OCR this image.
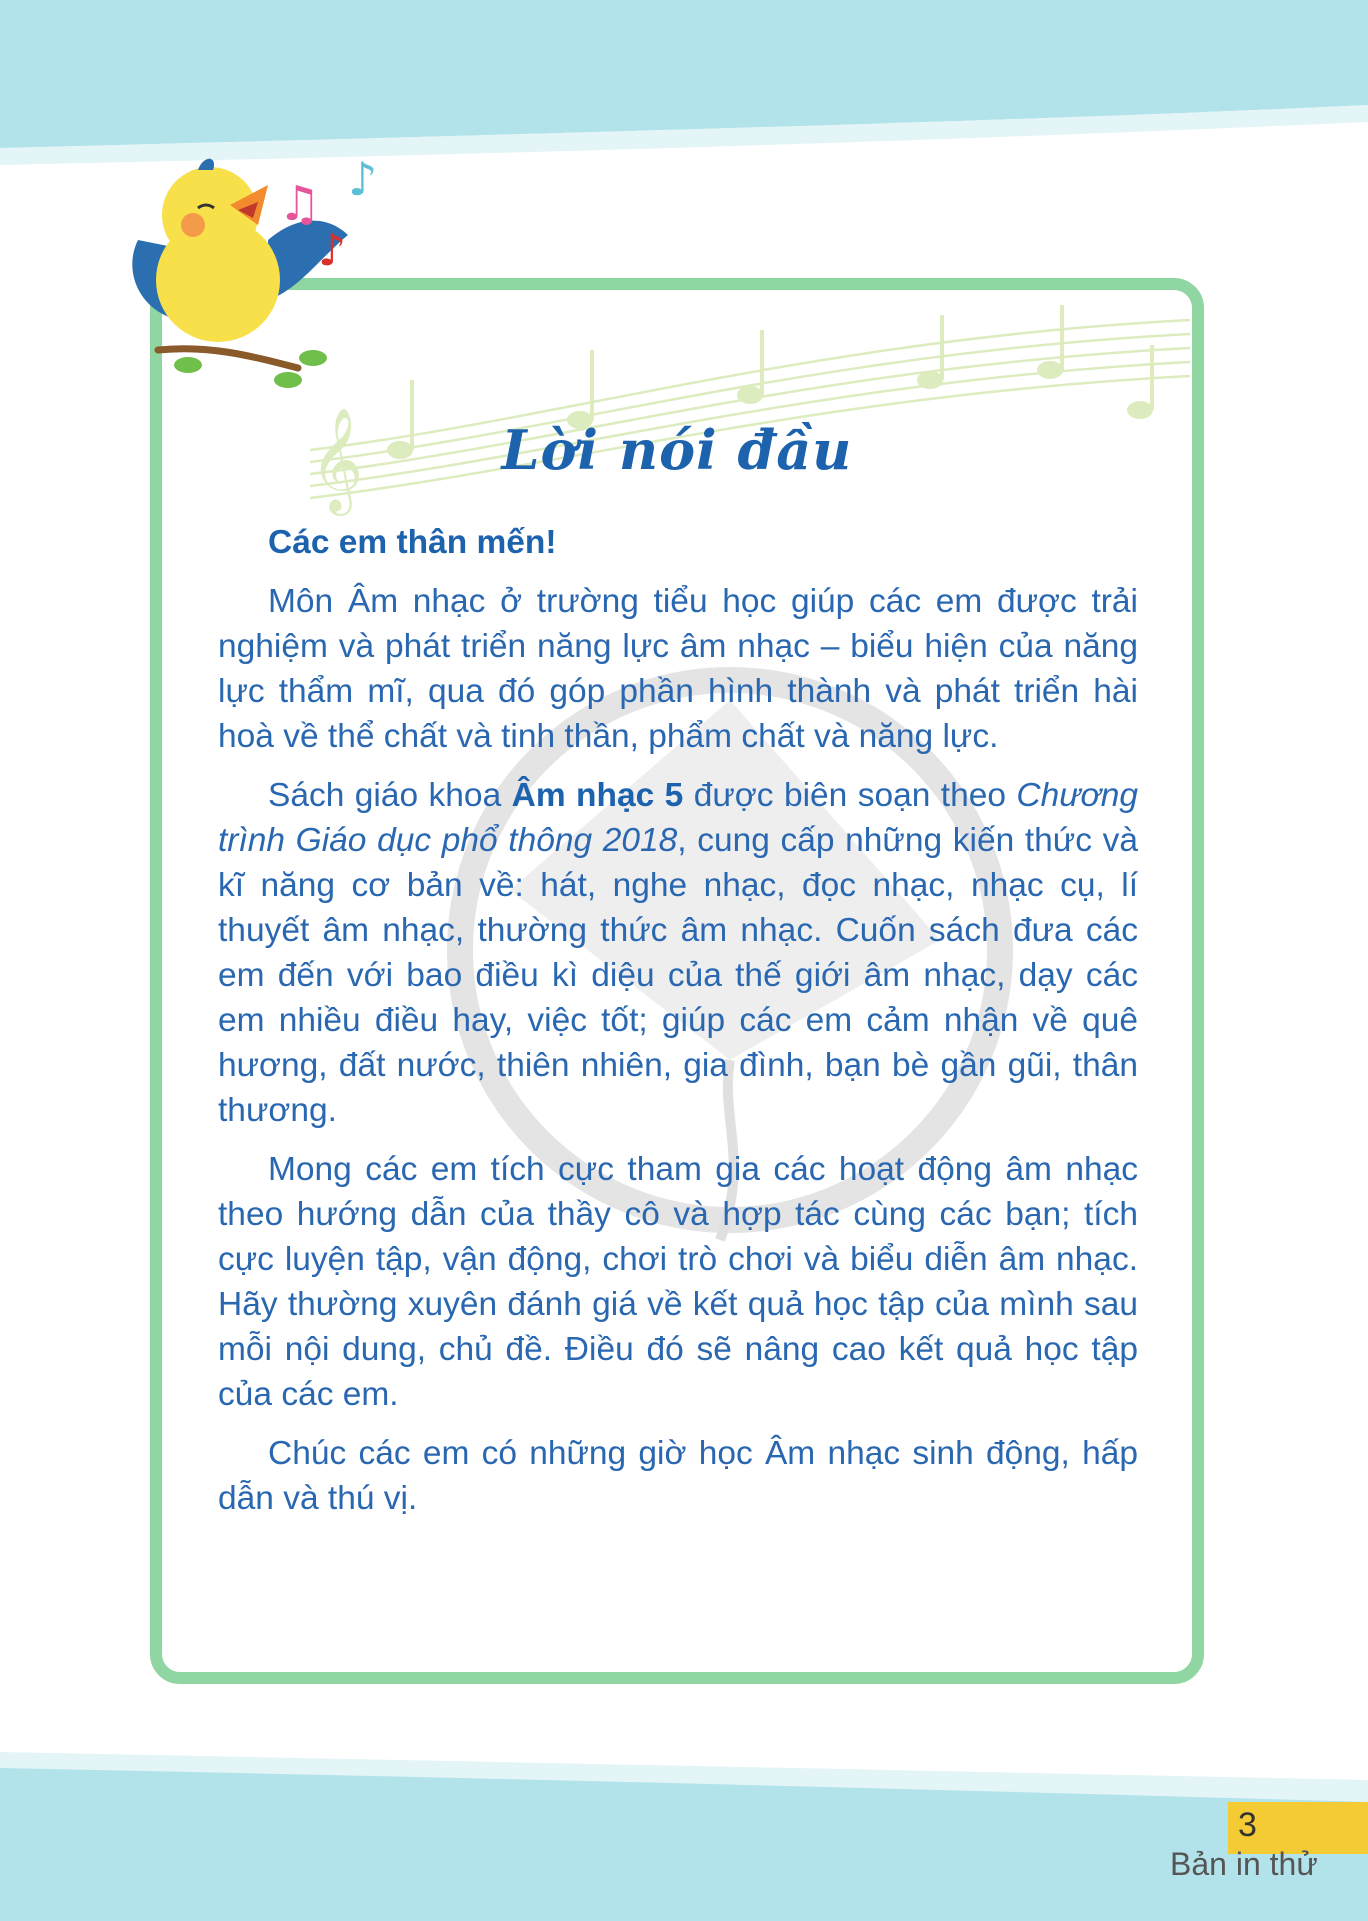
𝄞
♫ ♪
♪
Lời nói đầu

Các em thân mến!

Môn Âm nhạc ở trường tiểu học giúp các em được trải nghiệm và phát triển năng lực âm nhạc – biểu hiện của năng lực thẩm mĩ, qua đó góp phần hình thành và phát triển hài hoà về thể chất và tinh thần, phẩm chất và năng lực.

Sách giáo khoa Âm nhạc 5 được biên soạn theo Chương trình Giáo dục phổ thông 2018, cung cấp những kiến thức và kĩ năng cơ bản về: hát, nghe nhạc, đọc nhạc, nhạc cụ, lí thuyết âm nhạc, thường thức âm nhạc. Cuốn sách đưa các em đến với bao điều kì diệu của thế giới âm nhạc, dạy các em nhiều điều hay, việc tốt; giúp các em cảm nhận về quê hương, đất nước, thiên nhiên, gia đình, bạn bè gần gũi, thân thương.

Mong các em tích cực tham gia các hoạt động âm nhạc theo hướng dẫn của thầy cô và hợp tác cùng các bạn; tích cực luyện tập, vận động, chơi trò chơi và biểu diễn âm nhạc. Hãy thường xuyên đánh giá về kết quả học tập của mình sau mỗi nội dung, chủ đề. Điều đó sẽ nâng cao kết quả học tập của các em.

Chúc các em có những giờ học Âm nhạc sinh động, hấp dẫn và thú vị.

3
Bản in thử
